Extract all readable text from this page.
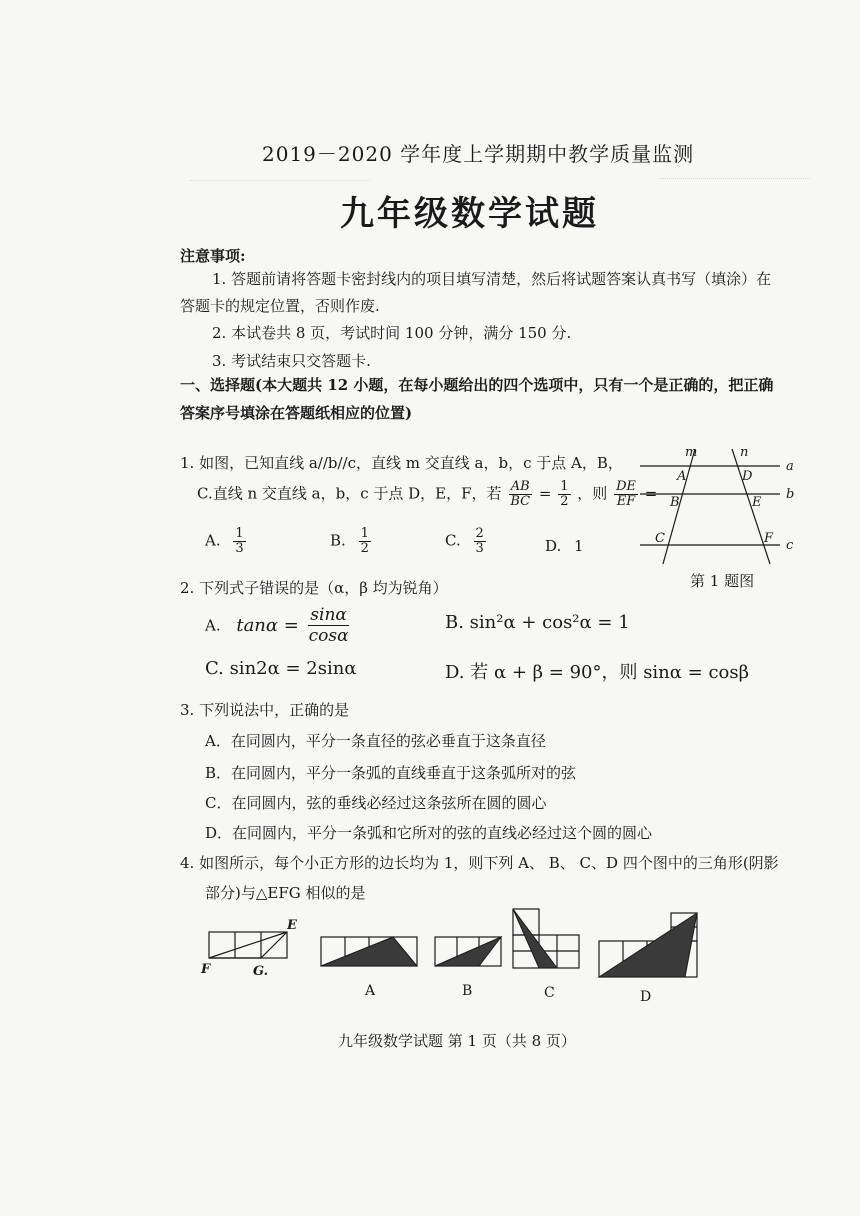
2019－2020 学年度上学期期中教学质量监测
九年级数学试题
注意事项:
1. 答题前请将答题卡密封线内的项目填写清楚，然后将试题答案认真书写（填涂）在
答题卡的规定位置，否则作废.
2. 本试卷共 8 页，考试时间 100 分钟，满分 150 分.
3. 考试结束只交答题卡.
一、选择题(本大题共 12 小题，在每小题给出的四个选项中，只有一个是正确的，把正确
答案序号填涂在答题纸相应的位置)
1. 如图，已知直线 a//b//c，直线 m 交直线 a，b，c 于点 A，B，
C.直线 n 交直线 a，b，c 于点 D，E，F，若 $\frac{AB}{BC} = \frac{1}{2}$ ，则 $\frac{DE}{EF}$ =
A. $\frac{1}{3}$	B. $\frac{1}{2}$	C. $\frac{2}{3}$	D. 1
m	n
A	D
a
B	E
b
C	F c
第 1 题图
2. 下列式子错误的是（α，β 均为锐角）
A. $\tan\alpha = \frac{\sin\alpha}{\cos\alpha}$	B. sin²α + cos²α = 1
C. sin2α = 2sinα	D. 若 α + β = 90°，则 sinα = cosβ
3. 下列说法中，正确的是
A．在同圆内，平分一条直径的弦必垂直于这条直径
B．在同圆内，平分一条弧的直线垂直于这条弧所对的弦
C．在同圆内，弦的垂线必经过这条弦所在圆的圆心
D．在同圆内，平分一条弧和它所对的弦的直线必经过这个圆的圆心
4. 如图所示，每个小正方形的边长均为 1，则下列 A、 B、 C、D 四个图中的三角形(阴影
部分)与△EFG 相似的是
E
F	G.
A	B	C	D
九年级数学试题 第 1 页（共 8 页）
